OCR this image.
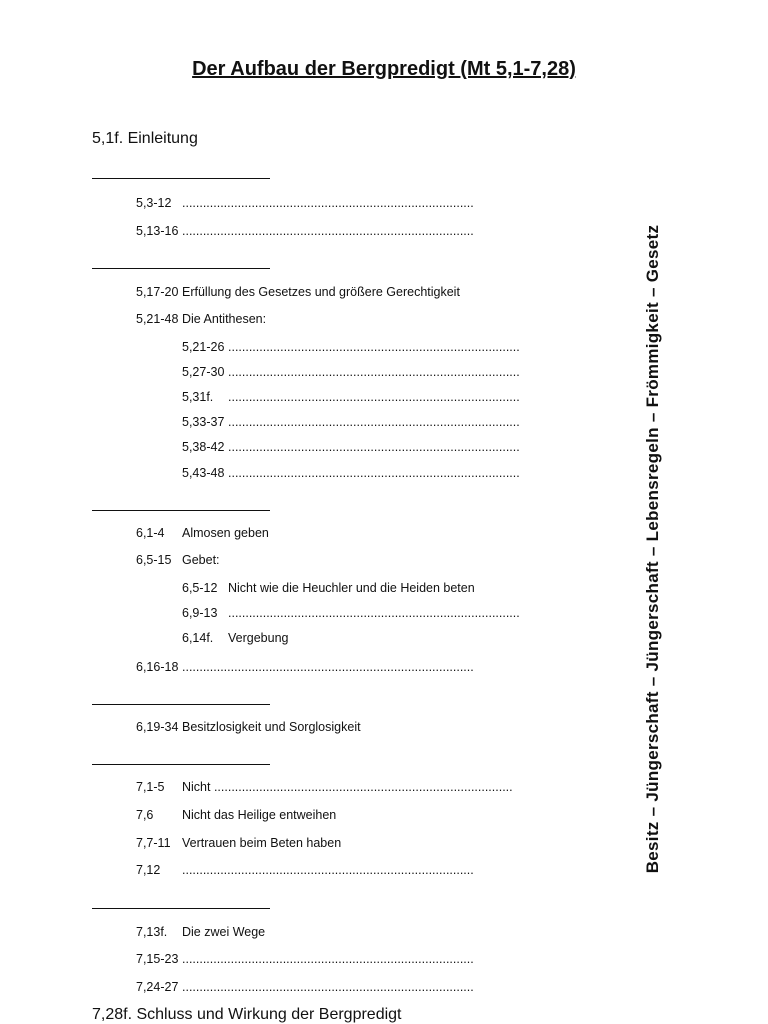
Der Aufbau der Bergpredigt (Mt 5,1-7,28)
5,1f. Einleitung
5,3-12 ....................................................................................
5,13-16 ....................................................................................
5,17-20 Erfüllung des Gesetzes und größere Gerechtigkeit
5,21-48 Die Antithesen:
5,21-26 ....................................................................................
5,27-30 ....................................................................................
5,31f. ....................................................................................
5,33-37 ....................................................................................
5,38-42 ....................................................................................
5,43-48 ....................................................................................
6,1-4 Almosen geben
6,5-15 Gebet:
6,5-12 Nicht wie die Heuchler und die Heiden beten
6,9-13 ....................................................................................
6,14f. Vergebung
6,16-18 ....................................................................................
6,19-34 Besitzlosigkeit und Sorglosigkeit
7,1-5 Nicht ......................................................................................
7,6 Nicht das Heilige entweihen
7,7-11 Vertrauen beim Beten haben
7,12 ....................................................................................
7,13f. Die zwei Wege
7,15-23 ....................................................................................
7,24-27 ....................................................................................
7,28f. Schluss und Wirkung der Bergpredigt
Besitz – Jüngerschaft – Jüngerschaft – Lebensregeln – Frömmigkeit – Gesetz
